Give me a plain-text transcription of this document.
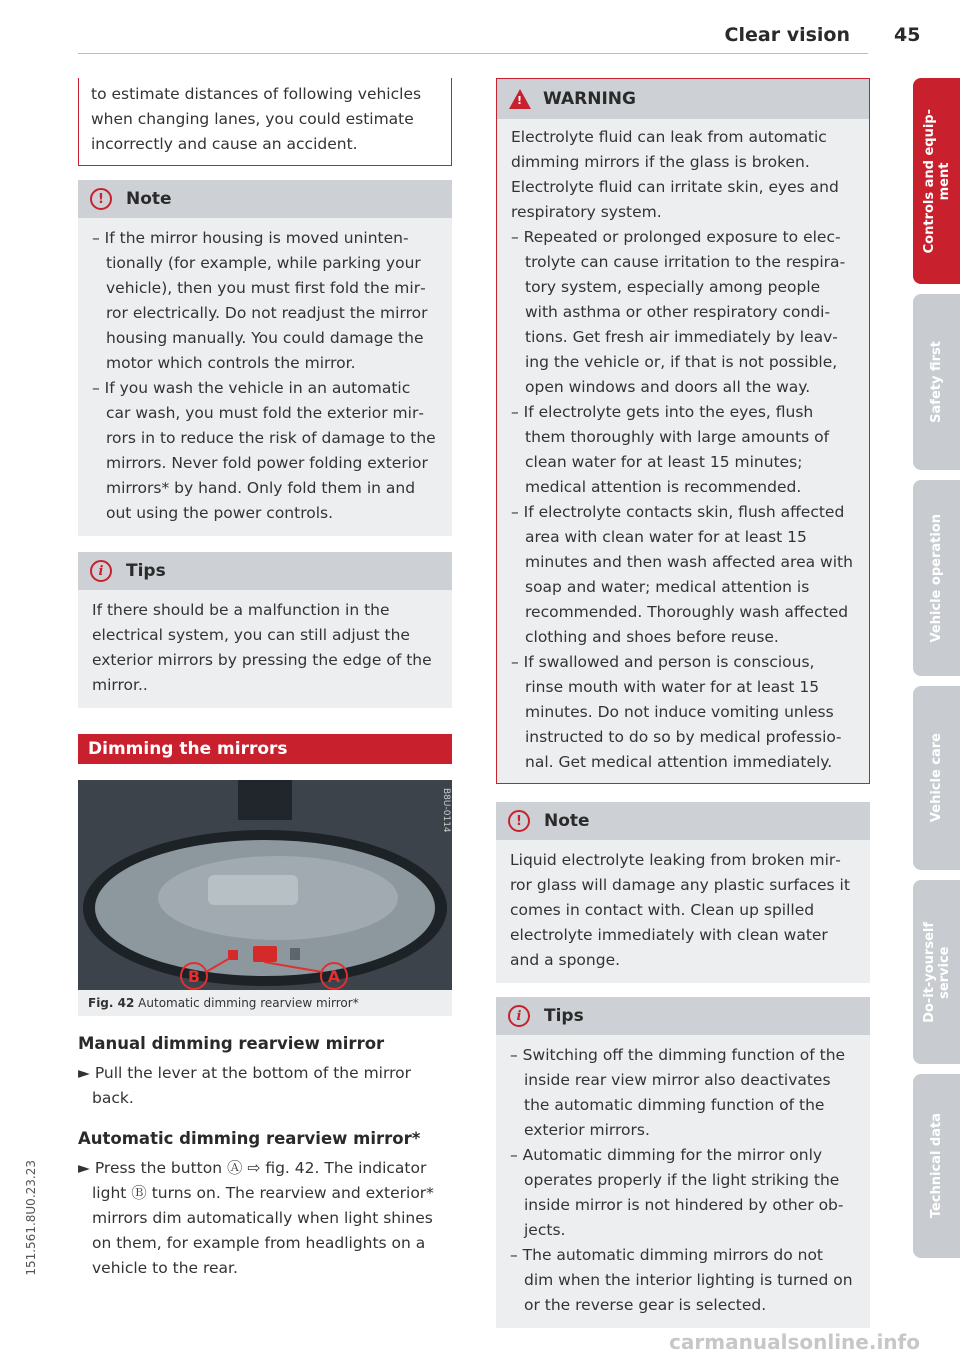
Clear vision 45
to estimate distances of following vehicles when changing lanes, you could estimate incorrectly and cause an accident.
!	Note
– If the mirror housing is moved unintentionally (for example, while parking your vehicle), then you must first fold the mirror electrically. Do not readjust the mirror housing manually. You could damage the motor which controls the mirror.
– If you wash the vehicle in an automatic car wash, you must fold the exterior mirrors in to reduce the risk of damage to the mirrors. Never fold power folding exterior mirrors* by hand. Only fold them in and out using the power controls.
i	Tips
If there should be a malfunction in the electrical system, you can still adjust the exterior mirrors by pressing the edge of the mirror..
Dimming the mirrors
B	A
B8U-0114
Fig. 42 Automatic dimming rearview mirror*
Manual dimming rearview mirror

► Pull the lever at the bottom of the mirror back.

Automatic dimming rearview mirror*

► Press the button Ⓐ ⇨ fig. 42. The indicator light Ⓑ turns on. The rearview and exterior* mirrors dim automatically when light shines on them, for example from headlights on a vehicle to the rear.

! WARNING

Electrolyte fluid can leak from automatic dimming mirrors if the glass is broken. Electrolyte fluid can irritate skin, eyes and respiratory system.

– Repeated or prolonged exposure to electrolyte can cause irritation to the respiratory system, especially among people with asthma or other respiratory conditions. Get fresh air immediately by leaving the vehicle or, if that is not possible, open windows and doors all the way.
– If electrolyte gets into the eyes, flush them thoroughly with large amounts of clean water for at least 15 minutes; medical attention is recommended.
– If electrolyte contacts skin, flush affected area with clean water for at least 15 minutes and then wash affected area with soap and water; medical attention is recommended. Thoroughly wash affected clothing and shoes before reuse.
– If swallowed and person is conscious, rinse mouth with water for at least 15 minutes. Do not induce vomiting unless instructed to do so by medical professional. Get medical attention immediately.
!	Note
Liquid electrolyte leaking from broken mirror glass will damage any plastic surfaces it comes in contact with. Clean up spilled electrolyte immediately with clean water and a sponge.
i	Tips
– Switching off the dimming function of the inside rear view mirror also deactivates the automatic dimming function of the exterior mirrors.
– Automatic dimming for the mirror only operates properly if the light striking the inside mirror is not hindered by other objects.
– The automatic dimming mirrors do not dim when the interior lighting is turned on or the reverse gear is selected.
Controls and equip-
ment
Safety first
Vehicle operation
Vehicle care
Do-it-yourself
service
Technical data
151.561.8U0.23.23
carmanualsonline.info
